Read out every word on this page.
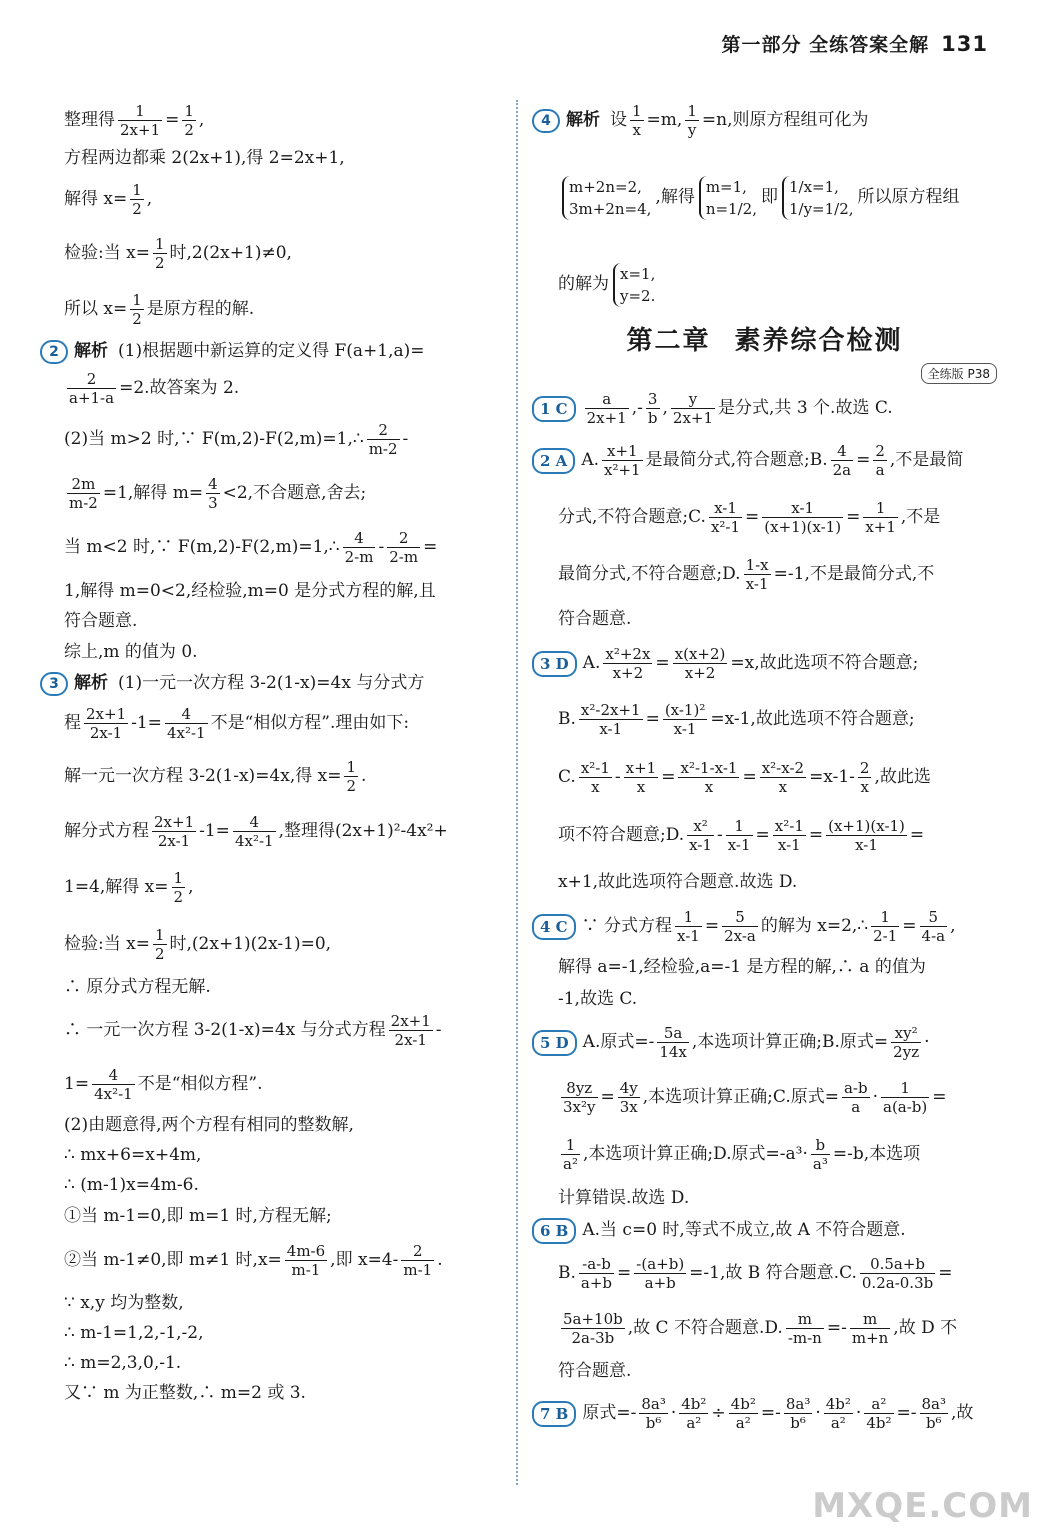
第一部分 全练答案全解 131

整理得 $\frac{1}{2x+1} = \frac{1}{2}$ ,

方程两边都乘 2(2x+1),得 2=2x+1,

解得 $x= \frac{1}{2}$ ,

检验:当 $x= \frac{1}{2}$ 时,2(2x+1)≠0,

所以 $x= \frac{1}{2}$ 是原方程的解.

2 解析 (1)根据题中新运算的定义得 F(a+1,a)=

$\frac{2}{a+1-a} =2$.故答案为 2.

(2)当 m>2 时,∵ F(m,2)-F(2,m)=1,∴ $\frac{2}{m-2}$ -

$\frac{2m}{m-2} =1$,解得 $m= \frac{4}{3} <2$,不合题意,舍去;

当 m<2 时,∵ F(m,2)-F(2,m)=1,∴ $\frac{4}{2-m} - \frac{2}{2-m}$ =

1,解得 m=0<2,经检验,m=0 是分式方程的解,且

符合题意.

综上,m 的值为 0.

3 解析 (1)一元一次方程 3-2(1-x)=4x 与分式方

程 $\frac{2x+1}{2x-1} -1= \frac{4}{\text{4x²-1}}$ 不是“相似方程”.理由如下:

解一元一次方程 3-2(1-x)=4x,得 $x= \frac{1}{2}$ .

解分式方程 $\frac{2x+1}{2x-1} -1= \frac{4}{\text{4x²-1}}$ ,整理得(2x+1)²-4x²+

1=4,解得 $x= \frac{1}{2}$ ,

检验:当 $x= \frac{1}{2}$ 时,(2x+1)(2x-1)=0,

∴ 原分式方程无解.

∴ 一元一次方程 3-2(1-x)=4x 与分式方程 $\frac{2x+1}{2x-1}$ -

$1= \frac{4}{\text{4x²-1}}$ 不是“相似方程”.

(2)由题意得,两个方程有相同的整数解,

∴ mx+6=x+4m,

∴ (m-1)x=4m-6.

①当 m-1=0,即 m=1 时,方程无解;

②当 m-1≠0,即 m≠1 时$,x= \frac{4m-6}{m-1}$ ,即 $x=4- \frac{2}{m-1}$ .

∵ x,y 均为整数,

∴ m-1=1,2,-1,-2,

∴ m=2,3,0,-1.

又∵ m 为正整数,∴ m=2 或 3.

4 解析 设 $\frac{1}{x} =m$, $\frac{1}{y} =n$,则原方程组可化为

m+2n=2,
3m+2n=4,
,解得
m=1,
n=1/2,
即
1/x=1,
1/y=1/2,
所以原方程组

的解为
x=1,
y=2.

第二章 素养综合检测

全练版 P38

1 C $\frac{a}{2x+1}$ ,- $\frac{3}{b}$ , $\frac{y}{2x+1}$ 是分式,共 3 个.故选 C.

2 A A. $\frac{x+1}{\text{x²+1}}$ 是最简分式,符合题意;B. $\frac{4}{2a} = \frac{2}{a}$ ,不是最简

分式,不符合题意;C. $\frac{x-1}{\text{x²-1}} = \frac{x-1}{(x+1)(x-1)} = \frac{1}{x+1}$ ,不是

最简分式,不符合题意;D. $\frac{1-x}{x-1} =-1$,不是最简分式,不

符合题意.

3 D A. $\frac{\text{x²+2x}}{x+2} = \frac{x(x+2)}{x+2} =x$,故此选项不符合题意;

B. $\frac{\text{x²-2x+1}}{x-1} = \frac{\text{(x-1)²}}{x-1} =x-1$,故此选项不符合题意;

C. $\frac{\text{x²-1}}{x} - \frac{x+1}{x} = \frac{\text{x²-1-x-1}}{x} = \frac{\text{x²-x-2}}{x} =x-1- \frac{2}{x}$ ,故此选

项不符合题意;D. $\frac{\text{x²}}{x-1} - \frac{1}{x-1} = \frac{\text{x²-1}}{x-1} = \frac{(x+1)(x-1)}{x-1}$ =

x+1,故此选项符合题意.故选 D.

4 C ∵ 分式方程 $\frac{1}{x-1} = \frac{5}{2x-a}$ 的解为 x=2,∴ $\frac{1}{2-1} = \frac{5}{4-a}$ ,

解得 a=-1,经检验,a=-1 是方程的解,∴ a 的值为

-1,故选 C.

5 D A.原式=- $\frac{5a}{14x}$ ,本选项计算正确;B.原式= $\frac{\text{xy²}}{2yz}$ ·

$\frac{8yz}{\text{3x²y}} = \frac{4y}{3x}$ ,本选项计算正确;C.原式= $\frac{a-b}{a} \cdot \frac{1}{a(a-b)}$ =

$\frac{1}{\text{a²}}$ ,本选项计算正确;D.原式$=-a^3\cdot \frac{b}{\text{a³}} =-b$,本选项

计算错误.故选 D.

6 B A.当 c=0 时,等式不成立,故 A 不符合题意.

B. $\frac{-a-b}{a+b} = \frac{-(a+b)}{a+b} =-1$,故 B 符合题意.C. $\frac{0.5a+b}{0.2a-0.3b}$ =

$\frac{5a+10b}{2a-3b}$ ,故 C 不符合题意.D. $\frac{m}{-m-n} =- \frac{m}{m+n}$ ,故 D 不

符合题意.

7 B 原式=- $\frac{\text{8a³}}{\text{b⁶}} \cdot \frac{\text{4b²}}{\text{a²}} \div \frac{\text{4b²}}{\text{a²}} =- \frac{\text{8a³}}{\text{b⁶}} \cdot \frac{\text{4b²}}{\text{a²}} \cdot \frac{\text{a²}}{\text{4b²}} =- \frac{\text{8a³}}{\text{b⁶}}$ ,故

MXQE.COM
